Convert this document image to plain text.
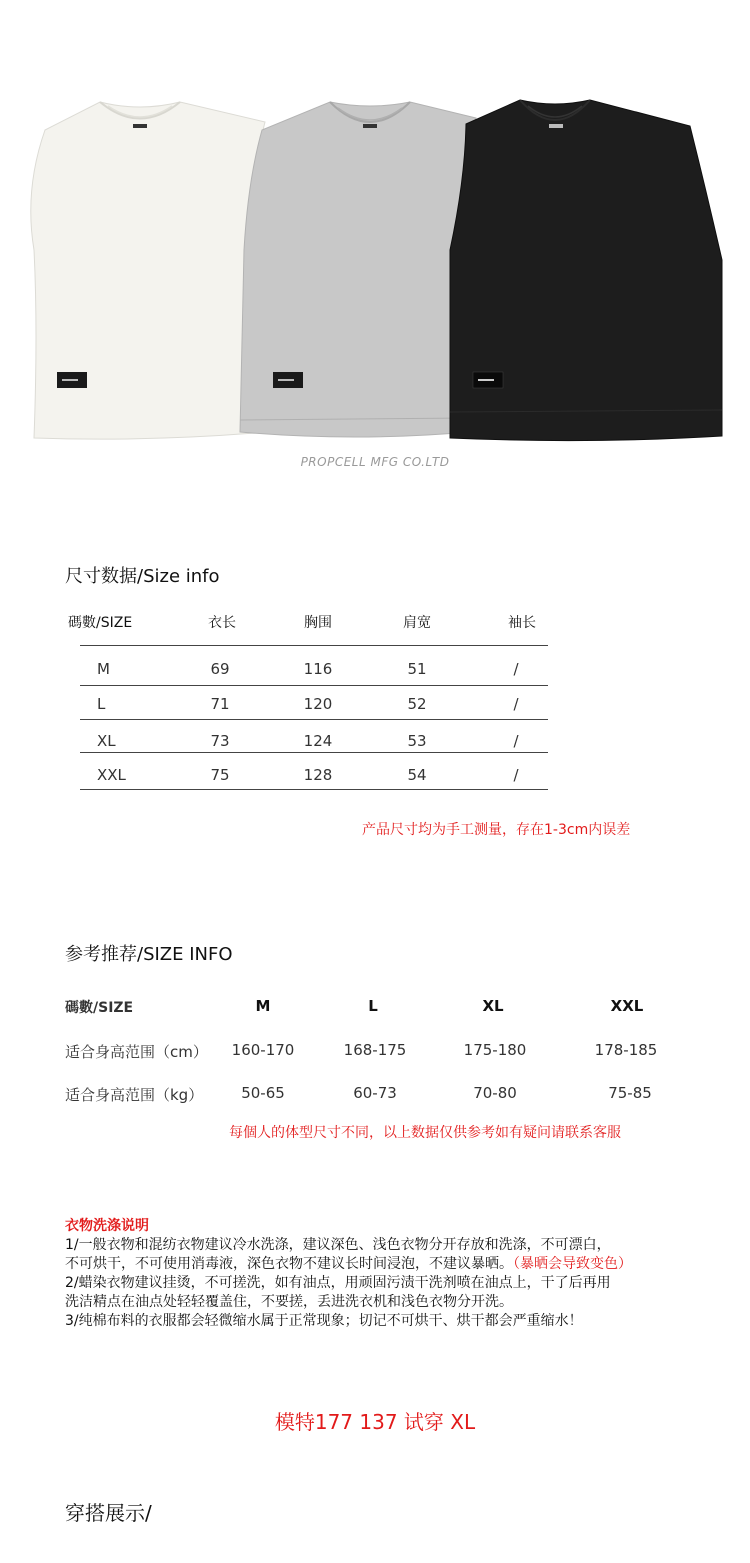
PROPCELL MFG CO.LTD
尺寸数据/Size info
碼數/SIZE	衣长	胸围	肩宽	袖长
M	69	116	51	/
L	71	120	52	/
XL	73	124	53	/
XXL	75	128	54	/
产品尺寸均为手工测量，存在1-3cm内误差
参考推荐/SIZE INFO
碼數/SIZE	M	L	XL	XXL
适合身高范围（cm）	160-170	168-175	175-180	178-185
适合身高范围（kg）	50-65	60-73	70-80	75-85
每個人的体型尺寸不同，以上数据仅供参考如有疑问请联系客服
衣物洗涤说明
1/一般衣物和混纺衣物建议冷水洗涤，建议深色、浅色衣物分开存放和洗涤，不可漂白，
不可烘干，不可使用消毒液，深色衣物不建议长时间浸泡，不建议暴晒。（暴晒会导致变色）
2/蜡染衣物建议挂烫，不可搓洗，如有油点，用顽固污渍干洗剂喷在油点上，干了后再用
洗洁精点在油点处轻轻覆盖住，不要搓，丢进洗衣机和浅色衣物分开洗。
3/纯棉布料的衣服都会轻微缩水属于正常现象；切记不可烘干、烘干都会严重缩水！
模特177 137 试穿 XL
穿搭展示/
